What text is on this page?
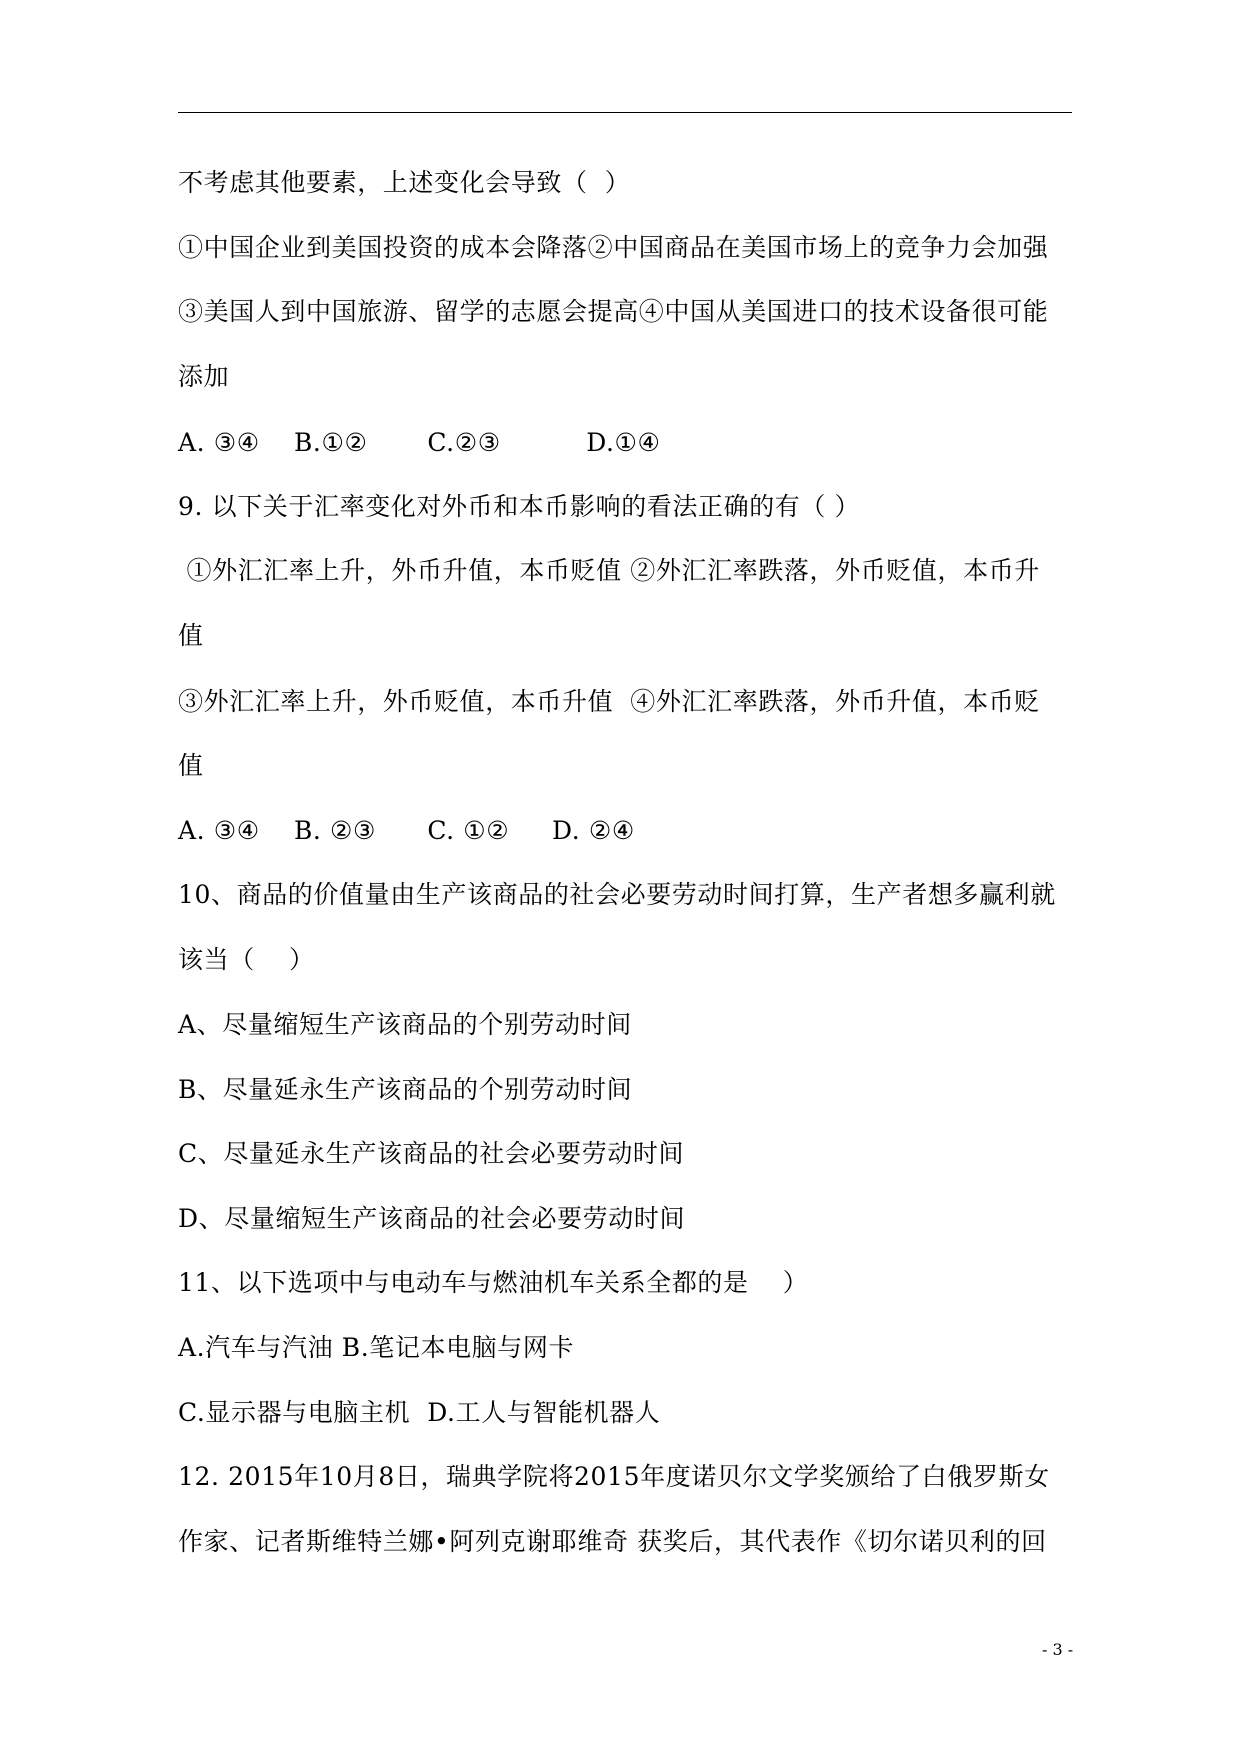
不考虑其他要素，上述变化会导致（  ）
①中国企业到美国投资的成本会降落②中国商品在美国市场上的竞争力会加强
③美国人到中国旅游、留学的志愿会提高④中国从美国进口的技术设备很可能
添加
A. ③④    B.①②       C.②③          D.①④
9. 以下关于汇率变化对外币和本币影响的看法正确的有（ ）
①外汇汇率上升，外币升值，本币贬值 ②外汇汇率跌落，外币贬值，本币升
值
③外汇汇率上升，外币贬值，本币升值  ④外汇汇率跌落，外币升值，本币贬
值
A. ③④    B. ②③      C. ①②     D. ②④
10、商品的价值量由生产该商品的社会必要劳动时间打算，生产者想多赢利就
该当（    ）
A、尽量缩短生产该商品的个别劳动时间
B、尽量延永生产该商品的个别劳动时间
C、尽量延永生产该商品的社会必要劳动时间
D、尽量缩短生产该商品的社会必要劳动时间
11、以下选项中与电动车与燃油机车关系全都的是    ）
A.汽车与汽油 B.笔记本电脑与网卡
C.显示器与电脑主机  D.工人与智能机器人
12. 2015年10月8日，瑞典学院将2015年度诺贝尔文学奖颁给了白俄罗斯女
作家、记者斯维特兰娜•阿列克谢耶维奇 获奖后，其代表作《切尔诺贝利的回
- 3 -
